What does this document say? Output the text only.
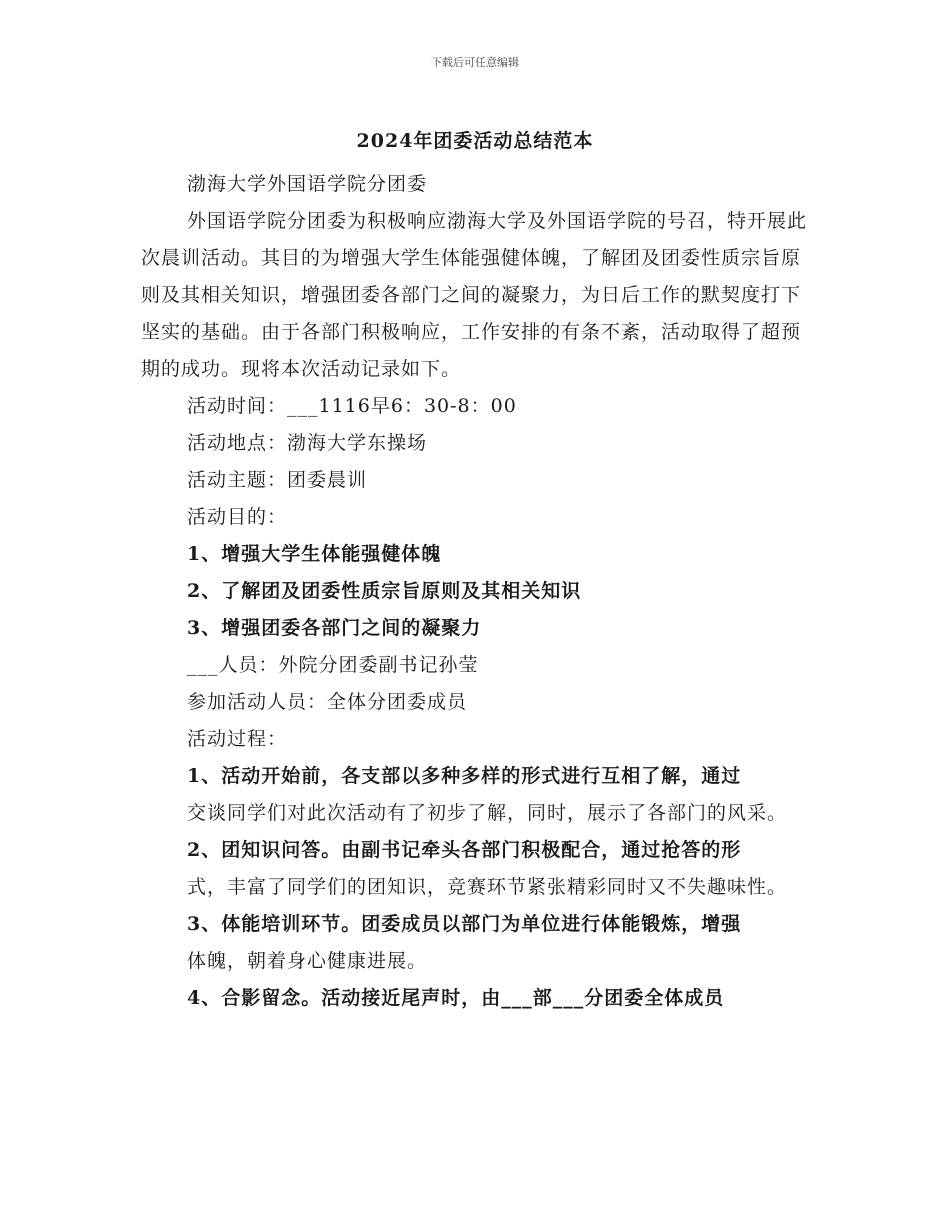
下载后可任意编辑
2024年团委活动总结范本
渤海大学外国语学院分团委
外国语学院分团委为积极响应渤海大学及外国语学院的号召，特开展此次晨训活动。其目的为增强大学生体能强健体魄，了解团及团委性质宗旨原则及其相关知识，增强团委各部门之间的凝聚力，为日后工作的默契度打下坚实的基础。由于各部门积极响应，工作安排的有条不紊，活动取得了超预期的成功。现将本次活动记录如下。
活动时间：___1116早6：30-8：00
活动地点：渤海大学东操场
活动主题：团委晨训
活动目的：
1、增强大学生体能强健体魄
2、了解团及团委性质宗旨原则及其相关知识
3、增强团委各部门之间的凝聚力
___人员：外院分团委副书记孙莹
参加活动人员：全体分团委成员
活动过程：
1、活动开始前，各支部以多种多样的形式进行互相了解，通过
交谈同学们对此次活动有了初步了解，同时，展示了各部门的风采。
2、团知识问答。由副书记牵头各部门积极配合，通过抢答的形
式，丰富了同学们的团知识，竞赛环节紧张精彩同时又不失趣味性。
3、体能培训环节。团委成员以部门为单位进行体能锻炼，增强
体魄，朝着身心健康进展。
4、合影留念。活动接近尾声时，由___部___分团委全体成员
